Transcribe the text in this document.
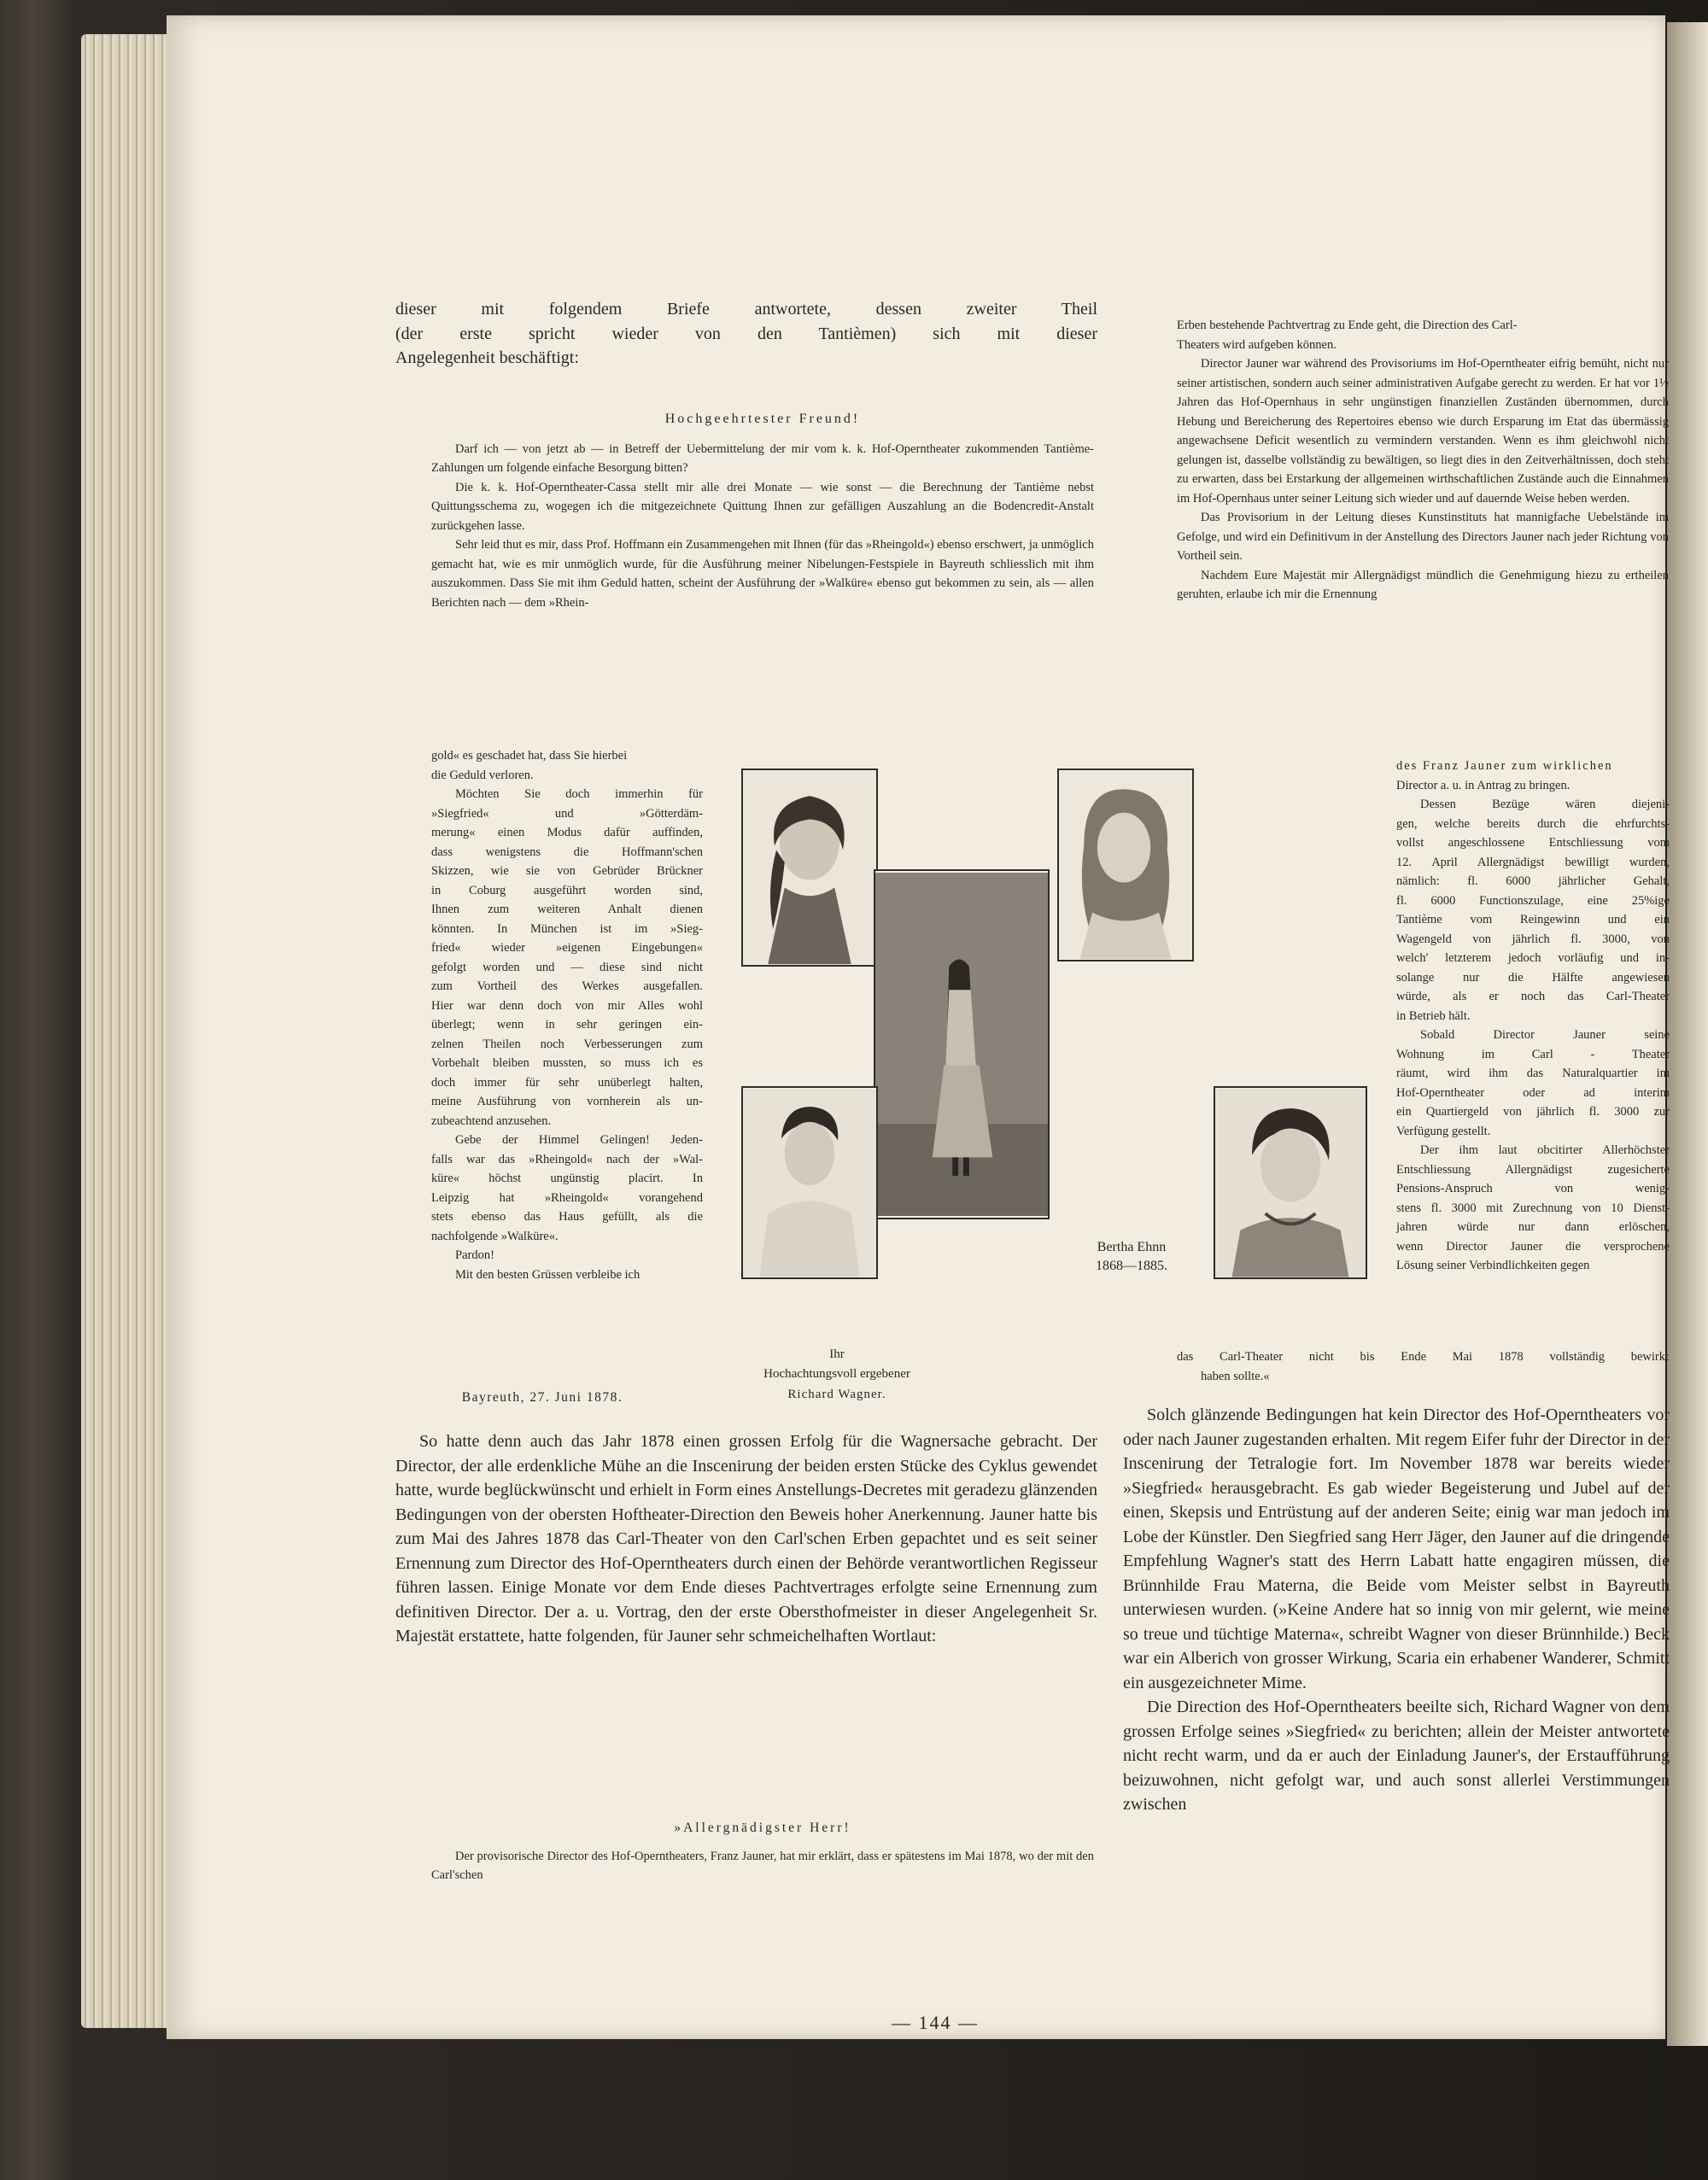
dieser mit folgendem Briefe antwortete, dessen zweiter Theil
(der erste spricht wieder von den Tantièmen) sich mit dieser
Angelegenheit beschäftigt:

Hochgeehrtester Freund!

Darf ich — von jetzt ab — in Betreff der Uebermittelung der mir vom k. k. Hof-Operntheater zukommenden Tantième-Zahlungen um folgende einfache Besorgung bitten?

Die k. k. Hof-Operntheater-Cassa stellt mir alle drei Monate — wie sonst — die Berechnung der Tantième nebst Quittungsschema zu, wogegen ich die mitgezeichnete Quittung Ihnen zur gefälligen Auszahlung an die Bodencredit-Anstalt zurückgehen lasse.

Sehr leid thut es mir, dass Prof. Hoffmann ein Zusammengehen mit Ihnen (für das »Rheingold«) ebenso erschwert, ja unmöglich gemacht hat, wie es mir unmöglich wurde, für die Ausführung meiner Nibelungen-Festspiele in Bayreuth schliesslich mit ihm auszukommen. Dass Sie mit ihm Geduld hatten, scheint der Ausführung der »Walküre« ebenso gut bekommen zu sein, als — allen Berichten nach — dem »Rhein-

gold« es geschadet hat, dass Sie hierbei
die Geduld verloren.
Möchten Sie doch immerhin für
»Siegfried« und »Götterdäm-
merung« einen Modus dafür auffinden,
dass wenigstens die Hoffmann'schen
Skizzen, wie sie von Gebrüder Brückner
in Coburg ausgeführt worden sind,
Ihnen zum weiteren Anhalt dienen
könnten. In München ist im »Sieg-
fried« wieder »eigenen Eingebungen«
gefolgt worden und — diese sind nicht
zum Vortheil des Werkes ausgefallen.
Hier war denn doch von mir Alles wohl
überlegt; wenn in sehr geringen ein-
zelnen Theilen noch Verbesserungen zum
Vorbehalt bleiben mussten, so muss ich es
doch immer für sehr unüberlegt halten,
meine Ausführung von vornherein als un-
zubeachtend anzusehen.
Gebe der Himmel Gelingen! Jeden-
falls war das »Rheingold« nach der »Wal-
küre« höchst ungünstig placirt. In
Leipzig hat »Rheingold« vorangehend
stets ebenso das Haus gefüllt, als die
nachfolgende »Walküre«.
Pardon!
Mit den besten Grüssen verbleibe ich
Ihr
Hochachtungsvoll ergebener
Richard Wagner.
Bayreuth, 27. Juni 1878.

So hatte denn auch das Jahr 1878 einen grossen Erfolg für die Wagnersache gebracht. Der Director, der alle erdenkliche Mühe an die Inscenirung der beiden ersten Stücke des Cyklus gewendet hatte, wurde beglückwünscht und erhielt in Form eines Anstellungs-Decretes mit geradezu glänzenden Bedingungen von der obersten Hoftheater-Direction den Beweis hoher Anerkennung. Jauner hatte bis zum Mai des Jahres 1878 das Carl-Theater von den Carl'schen Erben gepachtet und es seit seiner Ernennung zum Director des Hof-Operntheaters durch einen der Behörde verantwortlichen Regisseur führen lassen. Einige Monate vor dem Ende dieses Pachtvertrages erfolgte seine Ernennung zum definitiven Director. Der a. u. Vortrag, den der erste Obersthofmeister in dieser Angelegenheit Sr. Majestät erstattete, hatte folgenden, für Jauner sehr schmeichelhaften Wortlaut:

»Allergnädigster Herr!

Der provisorische Director des Hof-Operntheaters, Franz Jauner, hat mir erklärt, dass er spätestens im Mai 1878, wo der mit den Carl'schen

Erben bestehende Pachtvertrag zu Ende geht, die Direction des Carl-
Theaters wird aufgeben können.

Director Jauner war während des Provisoriums im Hof-Operntheater eifrig bemüht, nicht nur seiner artistischen, sondern auch seiner administrativen Aufgabe gerecht zu werden. Er hat vor 1½ Jahren das Hof-Opernhaus in sehr ungünstigen finanziellen Zuständen übernommen, durch Hebung und Bereicherung des Repertoires ebenso wie durch Ersparung im Etat das übermässig angewachsene Deficit wesentlich zu vermindern verstanden. Wenn es ihm gleichwohl nicht gelungen ist, dasselbe vollständig zu bewältigen, so liegt dies in den Zeitverhältnissen, doch steht zu erwarten, dass bei Erstarkung der allgemeinen wirthschaftlichen Zustände auch die Einnahmen im Hof-Opernhaus unter seiner Leitung sich wieder und auf dauernde Weise heben werden.

Das Provisorium in der Leitung dieses Kunstinstituts hat mannigfache Uebelstände im Gefolge, und wird ein Definitivum in der Anstellung des Directors Jauner nach jeder Richtung von Vortheil sein.

Nachdem Eure Majestät mir Allergnädigst mündlich die Genehmigung hiezu zu ertheilen geruhten, erlaube ich mir die Ernennung

des Franz Jauner zum wirklichen
Director a. u. in Antrag zu bringen.
Dessen Bezüge wären diejeni-
gen, welche bereits durch die ehrfurchts-
vollst angeschlossene Entschliessung vom
12. April Allergnädigst bewilligt wurden,
nämlich: fl. 6000 jährlicher Gehalt,
fl. 6000 Functionszulage, eine 25%ige
Tantième vom Reingewinn und ein
Wagengeld von jährlich fl. 3000, von
welch' letzterem jedoch vorläufig und in-
solange nur die Hälfte angewiesen
würde, als er noch das Carl-Theater
in Betrieb hält.
Sobald Director Jauner seine
Wohnung im Carl - Theater
räumt, wird ihm das Naturalquartier im
Hof-Operntheater oder ad interim
ein Quartiergeld von jährlich fl. 3000 zur
Verfügung gestellt.
Der ihm laut obcitirter Allerhöchster
Entschliessung Allergnädigst zugesicherte
Pensions-Anspruch von wenig-
stens fl. 3000 mit Zurechnung von 10 Dienst-
jahren würde nur dann erlöschen,
wenn Director Jauner die versprochene
Lösung seiner Verbindlichkeiten gegen
das Carl-Theater nicht bis Ende Mai 1878 vollständig bewirkt
haben sollte.«

Solch glänzende Bedingungen hat kein Director des Hof-Operntheaters vor oder nach Jauner zugestanden erhalten. Mit regem Eifer fuhr der Director in der Inscenirung der Tetralogie fort. Im November 1878 war bereits wieder »Siegfried« herausgebracht. Es gab wieder Begeisterung und Jubel auf der einen, Skepsis und Entrüstung auf der anderen Seite; einig war man jedoch im Lobe der Künstler. Den Siegfried sang Herr Jäger, den Jauner auf die dringende Empfehlung Wagner's statt des Herrn Labatt hatte engagiren müssen, die Brünnhilde Frau Materna, die Beide vom Meister selbst in Bayreuth unterwiesen wurden. (»Keine Andere hat so innig von mir gelernt, wie meine so treue und tüchtige Materna«, schreibt Wagner von dieser Brünnhilde.) Beck war ein Alberich von grosser Wirkung, Scaria ein erhabener Wanderer, Schmitt ein ausgezeichneter Mime.

Die Direction des Hof-Operntheaters beeilte sich, Richard Wagner von dem grossen Erfolge seines »Siegfried« zu berichten; allein der Meister antwortete nicht recht warm, und da er auch der Einladung Jauner's, der Erstaufführung beizuwohnen, nicht gefolgt war, und auch sonst allerlei Verstimmungen zwischen

Bertha Ehnn
1868—1885.
— 144 —
